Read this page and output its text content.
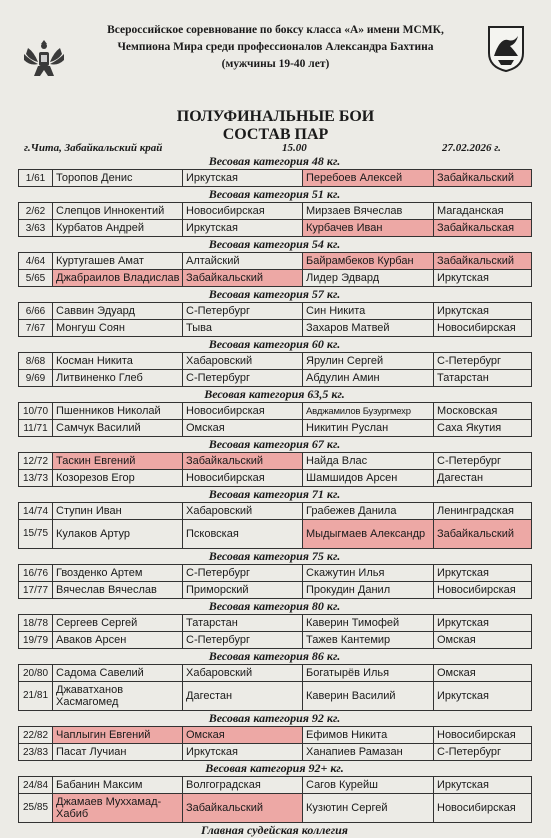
Всероссийское соревнование по боксу класса «А» имени МСМК,
Чемпиона Мира среди профессионалов Александра Бахтина
(мужчины 19-40 лет)
ПОЛУФИНАЛЬНЫЕ БОИ
СОСТАВ ПАР
г.Чита, Забайкальский край	15.00	27.02.2026 г.
Весовая категория 48 кг.
1/61	Торопов Денис	Иркутская	Перебоев Алексей	Забайкальский
Весовая категория 51 кг.
2/62	Слепцов Иннокентий	Новосибирская	Мирзаев Вячеслав	Магаданская
3/63	Курбатов Андрей	Иркутская	Курбачев Иван	Забайкальская
Весовая категория 54 кг.
4/64	Куртугашев Амат	Алтайский	Байрамбеков Курбан	Забайкальский
5/65	Джабраилов Владислав	Забайкальский	Лидер Эдвард	Иркутская
Весовая категория 57 кг.
6/66	Саввин Эдуард	С-Петербург	Син Никита	Иркутская
7/67	Монгуш Соян	Тыва	Захаров Матвей	Новосибирская
Весовая категория 60 кг.
8/68	Косман Никита	Хабаровский	Ярулин Сергей	С-Петербург
9/69	Литвиненко Глеб	С-Петербург	Абдулин Амин	Татарстан
Весовая категория 63,5 кг.
10/70	Пшенников Николай	Новосибирская	Авджамилов Бузургмехр	Московская
11/71	Самчук Василий	Омская	Никитин Руслан	Саха Якутия
Весовая категория 67 кг.
12/72	Таскин Евгений	Забайкальский	Найда Влас	С-Петербург
13/73	Козорезов Егор	Новосибирская	Шамшидов Арсен	Дагестан
Весовая категория 71 кг.
14/74	Ступин Иван	Хабаровский	Грабежев Данила	Ленинградская
15/75	Кулаков Артур	Псковская	Мыдыгмаев Александр	Забайкальский
Весовая категория 75 кг.
16/76	Гвозденко Артем	С-Петербург	Скажутин Илья	Иркутская
17/77	Вячеслав Вячеслав	Приморский	Прокудин Данил	Новосибирская
Весовая категория 80 кг.
18/78	Сергеев Сергей	Татарстан	Каверин Тимофей	Иркутская
19/79	Аваков Арсен	С-Петербург	Тажев Кантемир	Омская
Весовая категория 86 кг.
20/80	Садома Савелий	Хабаровский	Богатырёв Илья	Омская
21/81	Джаватханов Хасмагомед	Дагестан	Каверин Василий	Иркутская
Весовая категория 92 кг.
22/82	Чаплыгин Евгений	Омская	Ефимов Никита	Новосибирская
23/83	Пасат Лучиан	Иркутская	Ханапиев Рамазан	С-Петербург
Весовая категория 92+ кг.
24/84	Бабанин Максим	Волгоградская	Сагов Курейш	Иркутская
25/85	Джамаев Муххамад-Хабиб	Забайкальский	Кузютин Сергей	Новосибирская
Главная судейская коллегия
